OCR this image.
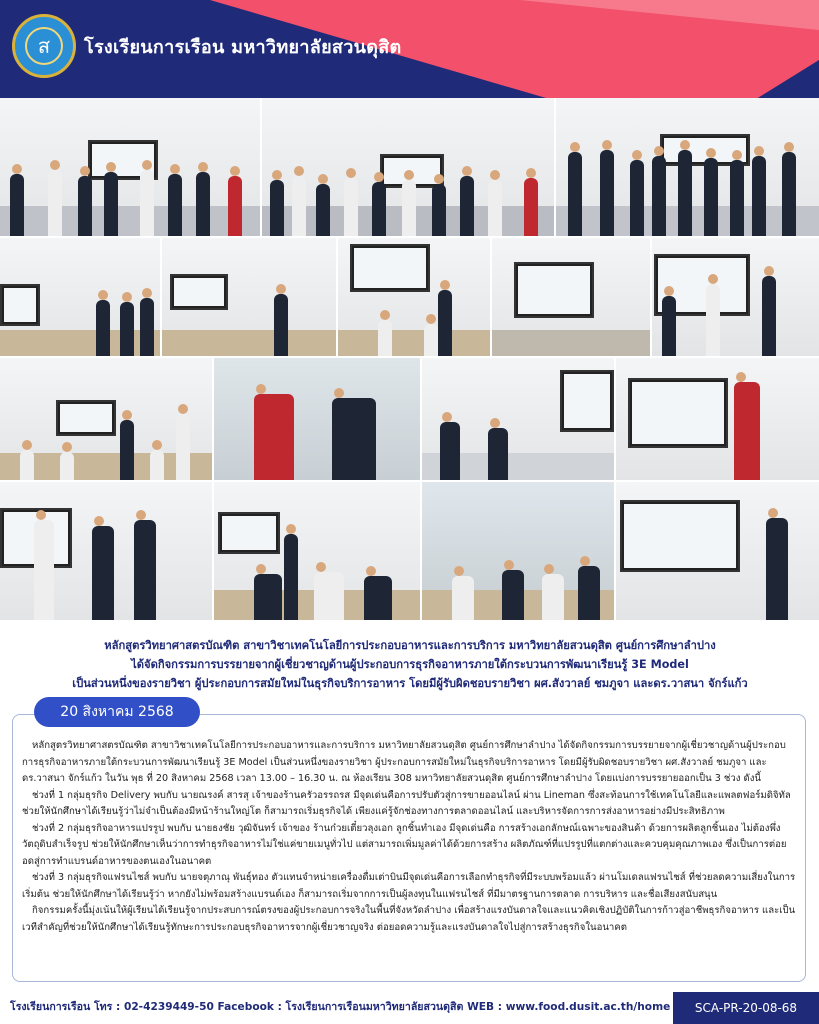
ส	โรงเรียนการเรือน มหาวิทยาลัยสวนดุสิต
หลักสูตรวิทยาศาสตรบัณฑิต สาขาวิชาเทคโนโลยีการประกอบอาหารและการบริการ มหาวิทยาลัยสวนดุสิต ศูนย์การศึกษาลำปาง
ได้จัดกิจกรรมการบรรยายจากผู้เชี่ยวชาญด้านผู้ประกอบการธุรกิจอาหารภายใต้กระบวนการพัฒนาเรียนรู้ 3E Model
เป็นส่วนหนึ่งของรายวิชา ผู้ประกอบการสมัยใหม่ในธุรกิจบริการอาหาร โดยมีผู้รับผิดชอบรายวิชา ผศ.สังวาลย์ ชมภูจา และดร.วาสนา จักร์แก้ว
20 สิงหาคม 2568

หลักสูตรวิทยาศาสตรบัณฑิต สาขาวิชาเทคโนโลยีการประกอบอาหารและการบริการ มหาวิทยาลัยสวนดุสิต ศูนย์การศึกษาลำปาง ได้จัดกิจกรรมการบรรยายจากผู้เชี่ยวชาญด้านผู้ประกอบการธุรกิจอาหารภายใต้กระบวนการพัฒนาเรียนรู้ 3E Model เป็นส่วนหนึ่งของรายวิชา ผู้ประกอบการสมัยใหม่ในธุรกิจบริการอาหาร โดยมีผู้รับผิดชอบรายวิชา ผศ.สังวาลย์ ชมภูจา และดร.วาสนา จักร์แก้ว ในวัน พุธ ที่ 20 สิงหาคม 2568 เวลา 13.00 – 16.30 น. ณ ห้องเรียน 308 มหาวิทยาลัยสวนดุสิต ศูนย์การศึกษาลำปาง โดยแบ่งการบรรยายออกเป็น 3 ช่วง ดังนี้

ช่วงที่ 1 กลุ่มธุรกิจ Delivery พบกับ นายณรงค์ สารสุ เจ้าของร้านครัวอรรถรส มีจุดเด่นคือการปรับตัวสู่การขายออนไลน์ ผ่าน Lineman ซึ่งสะท้อนการใช้เทคโนโลยีและแพลตฟอร์มดิจิทัล

ช่วยให้นักศึกษาได้เรียนรู้ว่าไม่จำเป็นต้องมีหน้าร้านใหญ่โต ก็สามารถเริ่มธุรกิจได้ เพียงแค่รู้จักช่องทางการตลาดออนไลน์ และบริหารจัดการการส่งอาหารอย่างมีประสิทธิภาพ

ช่วงที่ 2 กลุ่มธุรกิจอาหารแปรรูป พบกับ นายธงชัย วุฒิจันทร์ เจ้าของ ร้านก๋วยเตี๋ยวลุงเอก ลูกชิ้นทำเอง มีจุดเด่นคือ การสร้างเอกลักษณ์เฉพาะของสินค้า ด้วยการผลิตลูกชิ้นเอง ไม่ต้องพึ่งวัตถุดิบสำเร็จรูป ช่วยให้นักศึกษาเห็นว่าการทำธุรกิจอาหารไม่ใช่แค่ขายเมนูทั่วไป แต่สามารถเพิ่มมูลค่าได้ด้วยการสร้าง ผลิตภัณฑ์ที่แปรรูปที่แตกต่างและควบคุมคุณภาพเอง ซึ่งเป็นการต่อยอดสู่การทำแบรนด์อาหารของตนเองในอนาคต

ช่วงที่ 3 กลุ่มธุรกิจแฟรนไชส์ พบกับ นายจตุภาณุ พันธุ์ทอง ตัวแทนจำหน่ายเครื่องดื่มเต่าบินมีจุดเด่นคือการเลือกทำธุรกิจที่มีระบบพร้อมแล้ว ผ่านโมเดลแฟรนไชส์ ที่ช่วยลดความเสี่ยงในการเริ่มต้น ช่วยให้นักศึกษาได้เรียนรู้ว่า หากยังไม่พร้อมสร้างแบรนด์เอง ก็สามารถเริ่มจากการเป็นผู้ลงทุนในแฟรนไชส์ ที่มีมาตรฐานการตลาด การบริหาร และชื่อเสียงสนับสนุน

กิจกรรมครั้งนี้มุ่งเน้นให้ผู้เรียนได้เรียนรู้จากประสบการณ์ตรงของผู้ประกอบการจริงในพื้นที่จังหวัดลำปาง เพื่อสร้างแรงบันดาลใจและแนวคิดเชิงปฏิบัติในการก้าวสู่อาชีพธุรกิจอาหาร และเป็นเวทีสำคัญที่ช่วยให้นักศึกษาได้เรียนรู้ทักษะการประกอบธุรกิจอาหารจากผู้เชี่ยวชาญจริง ต่อยอดความรู้และแรงบันดาลใจไปสู่การสร้างธุรกิจในอนาคต

โรงเรียนการเรือน โทร : 02-4239449-50 Facebook : โรงเรียนการเรือนมหาวิทยาลัยสวนดุสิต WEB : www.food.dusit.ac.th/home	SCA-PR-20-08-68
